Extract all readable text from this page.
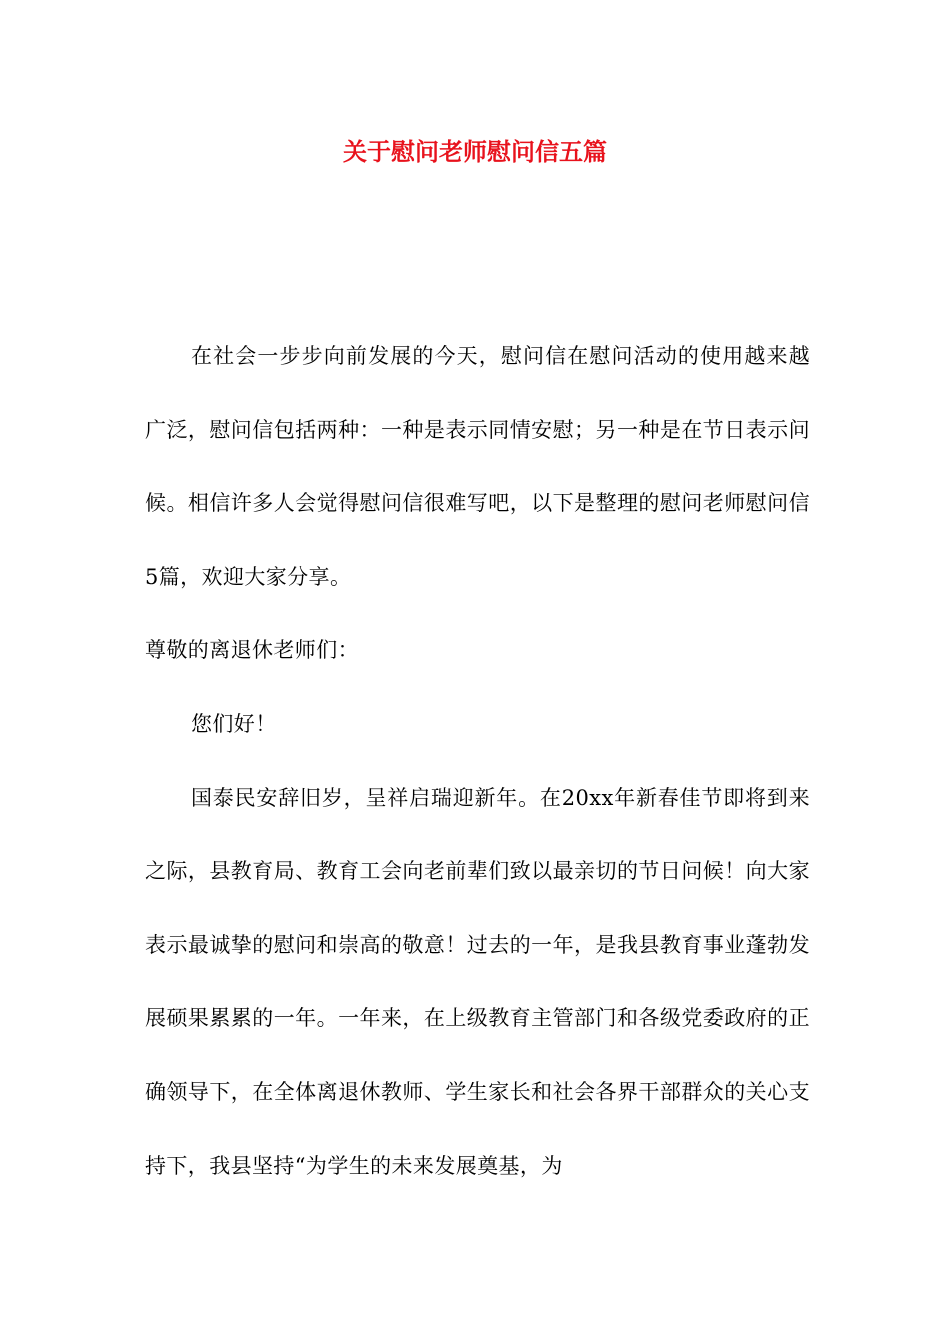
关于慰问老师慰问信五篇

在社会一步步向前发展的今天，慰问信在慰问活动的使用越来越广泛，慰问信包括两种：一种是表示同情安慰；另一种是在节日表示问候。相信许多人会觉得慰问信很难写吧，以下是整理的慰问老师慰问信5篇，欢迎大家分享。

尊敬的离退休老师们：

您们好！

国泰民安辞旧岁，呈祥启瑞迎新年。在20xx年新春佳节即将到来之际，县教育局、教育工会向老前辈们致以最亲切的节日问候！向大家表示最诚挚的慰问和崇高的敬意！过去的一年，是我县教育事业蓬勃发展硕果累累的一年。一年来，在上级教育主管部门和各级党委政府的正确领导下，在全体离退休教师、学生家长和社会各界干部群众的关心支持下，我县坚持“为学生的未来发展奠基，为
